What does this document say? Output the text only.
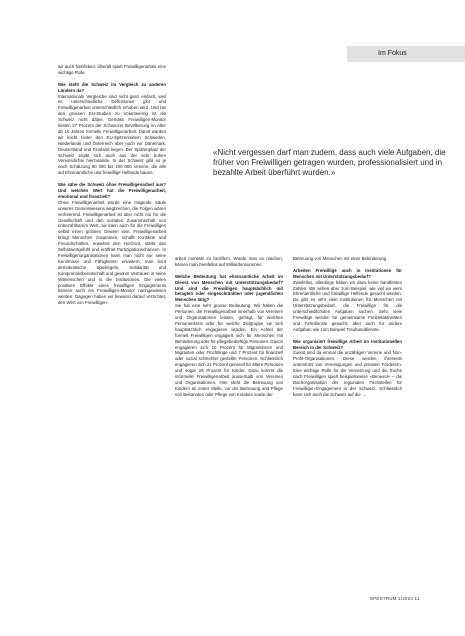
Im Fokus

wir auch hinblicken: Überall spielt Freiwilligenarbeit eine wichtige Rolle

Wie steht die Schweiz im Vergleich zu anderen Ländern da?

Internationale Vergleiche sind nicht ganz einfach, weil es unterschiedliche Definitionen gibt und Freiwilligenarbeit unterschiedlich erhoben wird. Und bei den grossen EU-Studien zu Volunteering ist die Schweiz nicht dabei. Gemäss Freiwilligen-Monitor leisten 27 Prozent der Schweizer Bevölkerung im Alter ab 15 Jahren formelle Freiwilligenarbeit. Damit würden wir leicht hinter den EU-Spitzenreitern Schweden, Niederlande und Österreich aber noch vor Dänemark, Deutschland und Finnland liegen. Der Spitzenplatz der Schweiz ergibt sich auch aus der sehr hohen Vereinsdichte hierzulande. In der Schweiz gibt es je nach Schätzung 80 000 bis 100 000 Vereine, die alle auf Ehrenamtliche und freiwillige Helfende bauen.

Wie sähe die Schweiz ohne Freiwilligenarbeit aus? Und welchen Wert hat die Freiwilligenarbeit, emotional und finanziell?

Ohne Freiwilligenarbeit würde eine tragende Säule unseres Gemeinwesens wegbrechen, die Folgen wären verheerend. Freiwilligenarbeit ist aber nicht nur für die Gesellschaft und den sozialen Zusammenhalt von unbezahlbarem Wert, sie kann auch für die Freiwilligen selbst einen grossen Gewinn sein. Freiwilligenarbeit bringt Menschen zusammen, schafft Kontakte und Freundschaften, erweitert den Horizont, stärkt das Selbstwertgefühl und eröffnet Partizipationschancen. In Freiwilligenorganisationen kann man nicht nur seine Kenntnisse und Fähigkeiten erweitern, man lernt demokratische Spielregeln, Solidarität und Kompromissbereitschaft und gewinnt Vertrauen in seine Mitmenschen und in die Institutionen. Die vielen positiven Effekte eines freiwilligen Engagements können auch ein Freiwilligen-Monitor nachgewiesen werden. Dagegen haben wir bewusst darauf verzichtet, den Wert von Freiwilligen-

«Nicht vergessen darf man zudem, dass auch viele Aufgaben, die früher von Freiwilligen getragen wurden, professionalisiert und in bezahlte Arbeit überführt wurden.»

arbeit monetär zu beziffern. Würde man es machen, kämen man zweifellos auf Milliardensummen.

Welche Bedeutung hat ehrenamtliche Arbeit im Dienst von Menschen mit Unterstützungsbedarf? Und sind die Freiwilligen hauptsächlich mit betagten oder eingeschränkten oder jugendlichen Menschen tätig?

Sie hat eine sehr grosse Bedeutung. Wir haben die Personen, die Freiwilligenarbeit innerhalb von Vereinen und Organisationen leisten, gefragt, für welchen Personenkreis oder für welche Zielgruppe sie sich hauptsächlich engagieren würden. Ein Achtel der formell Freiwilligen engagiert sich für Menschen mit Behinderung oder für pflegebedürftige Personen. Davon engagieren sich 10 Prozent für Migrantinnen und Migranten oder Flüchtlinge und 7 Prozent für finanziell oder sozial schlechter gestellte Personen. Schliesslich engagieren sich 21 Prozent generell für ältere Personen und sogar 29 Prozent für Kinder. Dazu kommt die informelle Freiwilligenarbeit ausserhalb von Vereinen und Organisationen. Hier steht die Betreuung von Kindern an erster Stelle, vor der Betreuung und Pflege von Bekannten oder Pflege von Kranken sowie der

Betreuung von Menschen mit einer Behinderung.

Arbeiten Freiwillige auch in Institutionen für Menschen mit Unterstützungsbedarf?

Zweifellos, allerdings haben wir dazu keine handfesten Zahlen. Wir sehen aber zum Beispiel, wie viel wo wem Ehrenamtliche und freiwillige Helfende gesucht werden. Da gibt es sehr viele Institutionen für Menschen mit Unterstützungsbedarf, die Freiwillige für die unterschiedlichsten Aufgaben suchen. Sehr viele Freiwillige werden für gemeinsame Freizeitaktivitäten und Fahrdienste gesucht, aber auch für andere Aufgaben wie zum Beispiel Treuhanddienste.

Wie organisiert freiwillige Arbeit im Institutionellen Bereich in der Schweiz?

Zuerst sind da einmal die unzähligen Vereine und Non-Profit-Organisationen. Diese werden ihrerseits unterstützt von Vereinigungen und privaten Förderern. Eine wichtige Rolle für die Vernetzung und die Suche nach Freiwilligen spielt beispielsweise «Benevol» – die Dachorganisation der regionalen Fachstellen für Freiwilligen-Engagement in der Schweiz. Schliesslich kann sich auch die Schweiz auf die →

SPEKTRUM 1/2024 11
